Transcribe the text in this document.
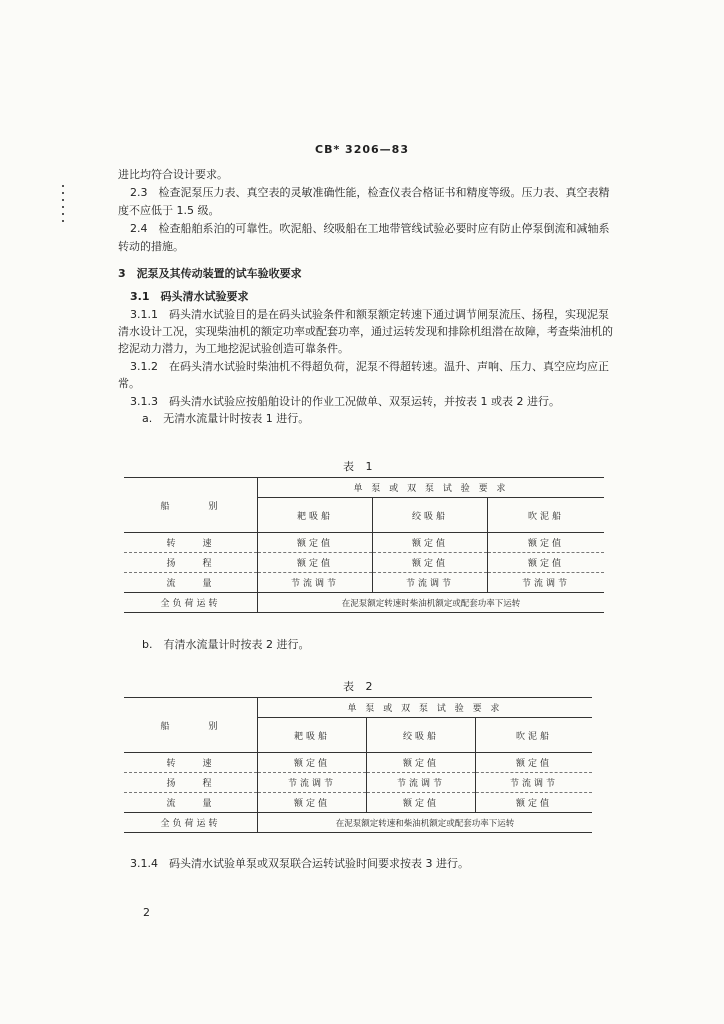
CB* 3206—83
进比均符合设计要求。
2.3　检查泥泵压力表、真空表的灵敏准确性能，检查仪表合格证书和精度等级。压力表、真空表精
度不应低于 1.5 级。
2.4　检查船舶系泊的可靠性。吹泥船、绞吸船在工地带管线试验必要时应有防止停泵倒流和减轴系
转动的措施。
3　泥泵及其传动装置的试车验收要求
3.1　码头清水试验要求
3.1.1　码头清水试验目的是在码头试验条件和额泵额定转速下通过调节闸泵流压、扬程，实现泥泵
清水设计工况，实现柴油机的额定功率或配套功率，通过运转发现和排除机组潜在故障，考查柴油机的
挖泥动力潜力，为工地挖泥试验创造可靠条件。
3.1.2　在码头清水试验时柴油机不得超负荷，泥泵不得超转速。温升、声响、压力、真空应均应正
常。
3.1.3　码头清水试验应按船舶设计的作业工况做单、双泵运转，并按表 1 或表 2 进行。
a.　无清水流量计时按表 1 进行。
表 1
船　　　别	单 泵 或 双 泵 试 验 要 求		
	耙吸船	绞吸船	吹泥船
转　　速	额定值	额定值	额定值
扬　　程	额定值	额定值	额定值
流　　量	节流调节	节流调节	节流调节
全负荷运转	在泥泵额定转速时柴油机额定或配套功率下运转		
b.　有清水流量计时按表 2 进行。
表 2
船　　　别	单 泵 或 双 泵 试 验 要 求		
	耙吸船	绞吸船	吹泥船
转　　速	额定值	额定值	额定值
扬　　程	节流调节	节流调节	节流调节
流　　量	额定值	额定值	额定值
全负荷运转	在泥泵额定转速和柴油机额定或配套功率下运转		
3.1.4　码头清水试验单泵或双泵联合运转试验时间要求按表 3 进行。
2
